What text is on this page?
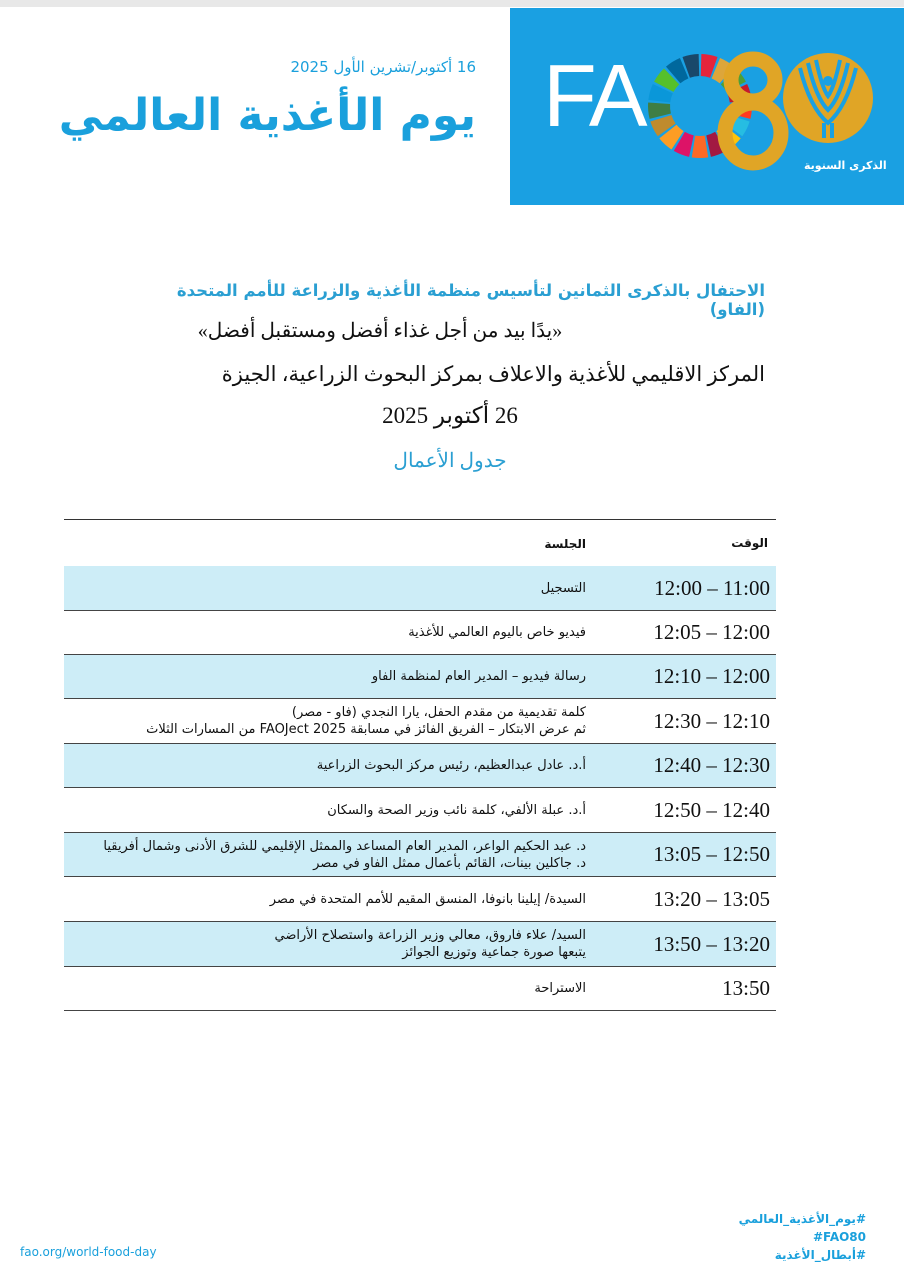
16 أكتوبر/تشرين الأول 2025
يوم الأغذية العالمي FA
الذكرى السنوية
الاحتفال بالذكرى الثمانين لتأسيس منظمة الأغذية والزراعة للأمم المتحدة (الفاو)
«يدًا بيد من أجل غذاء أفضل ومستقبل أفضل»
المركز الاقليمي للأغذية والاعلاف بمركز البحوث الزراعية، الجيزة
26 أكتوبر 2025
جدول الأعمال
الوقت
الجلسة
12:00 – 11:00
التسجيل
12:05 – 12:00
فيديو خاص باليوم العالمي للأغذية
12:10 – 12:00
رسالة فيديو – المدير العام لمنظمة الفاو
12:30 – 12:10
كلمة تقديمية من مقدم الحفل، يارا النجدي (فاو - مصر)
ثم عرض الابتكار – الفريق الفائز في مسابقة FAOJect 2025 من المسارات الثلاث
12:40 – 12:30
أ.د. عادل عبدالعظيم، رئيس مركز البحوث الزراعية
12:50 – 12:40
أ.د. عبلة الألفي، كلمة نائب وزير الصحة والسكان
13:05 – 12:50
د. عبد الحكيم الواعر، المدير العام المساعد والممثل الإقليمي للشرق الأدنى وشمال أفريقيا
د. جاكلين بينات، القائم بأعمال ممثل الفاو في مصر
13:20 – 13:05
السيدة/ إيلينا بانوفا، المنسق المقيم للأمم المتحدة في مصر
13:50 – 13:20
السيد/ علاء فاروق، معالي وزير الزراعة واستصلاح الأراضي
يتبعها صورة جماعية وتوزيع الجوائز
13:50
الاستراحة
#يوم_الأغذية_العالمي
#FAO80
#أبطال_الأغذية
fao.org/world-food-day
